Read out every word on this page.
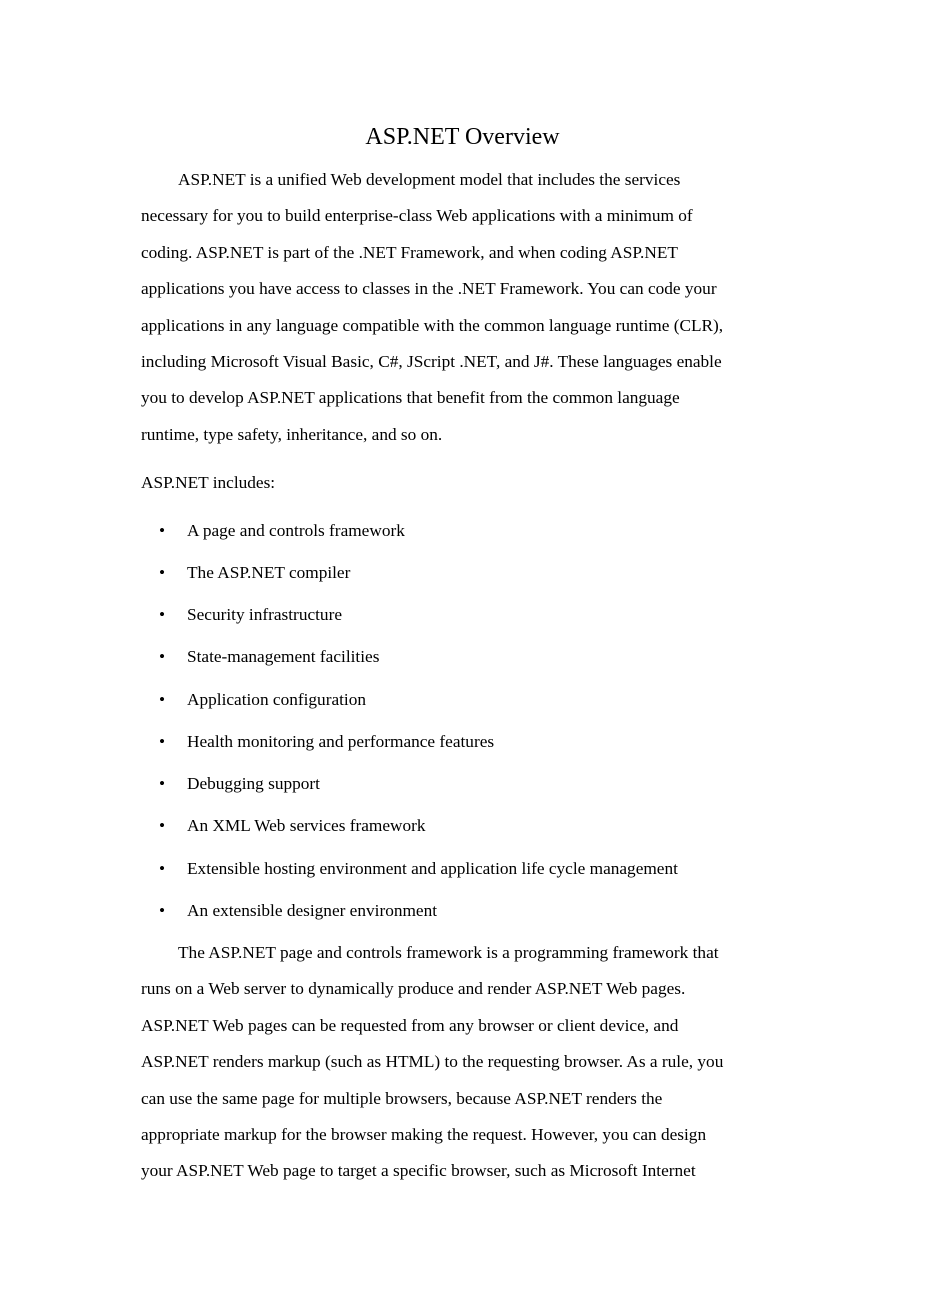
ASP.NET Overview

ASP.NET is a unified Web development model that includes the services
necessary for you to build enterprise-class Web applications with a minimum of
coding. ASP.NET is part of the .NET Framework, and when coding ASP.NET
applications you have access to classes in the .NET Framework. You can code your
applications in any language compatible with the common language runtime (CLR),
including Microsoft Visual Basic, C#, JScript .NET, and J#. These languages enable
you to develop ASP.NET applications that benefit from the common language
runtime, type safety, inheritance, and so on.

ASP.NET includes:

• A page and controls framework
• The ASP.NET compiler
• Security infrastructure
• State-management facilities
• Application configuration
• Health monitoring and performance features
• Debugging support
• An XML Web services framework
• Extensible hosting environment and application life cycle management
• An extensible designer environment

The ASP.NET page and controls framework is a programming framework that
runs on a Web server to dynamically produce and render ASP.NET Web pages.
ASP.NET Web pages can be requested from any browser or client device, and
ASP.NET renders markup (such as HTML) to the requesting browser. As a rule, you
can use the same page for multiple browsers, because ASP.NET renders the
appropriate markup for the browser making the request. However, you can design
your ASP.NET Web page to target a specific browser, such as Microsoft Internet
